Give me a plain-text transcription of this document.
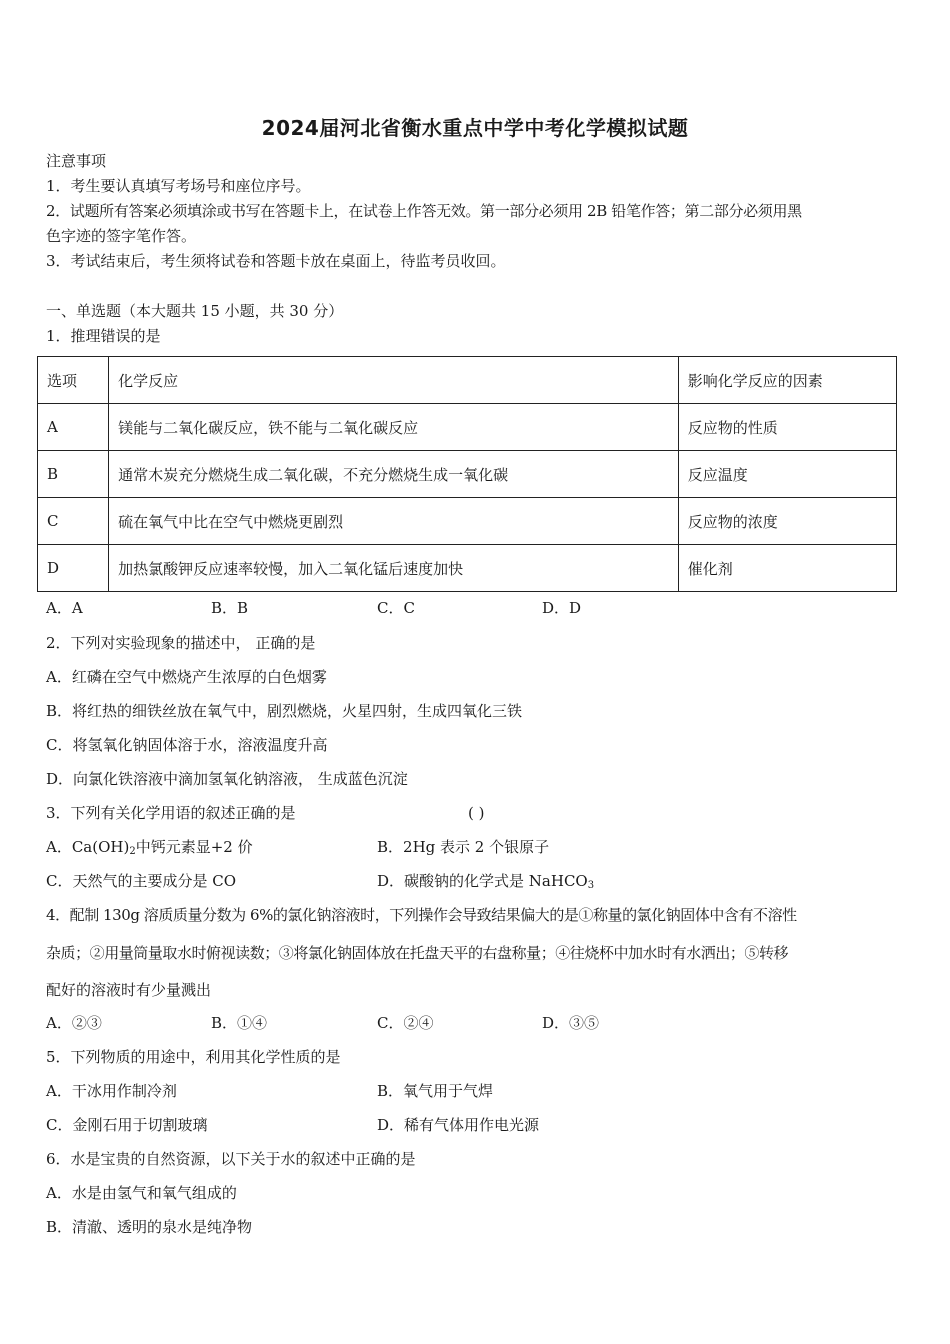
2024届河北省衡水重点中学中考化学模拟试题
注意事项
1．考生要认真填写考场号和座位序号。
2．试题所有答案必须填涂或书写在答题卡上，在试卷上作答无效。第一部分必须用 2B 铅笔作答；第二部分必须用黑
色字迹的签字笔作答。
3．考试结束后，考生须将试卷和答题卡放在桌面上，待监考员收回。
一、单选题（本大题共 15 小题，共 30 分）
1．推理错误的是
选项	化学反应	影响化学反应的因素
A	镁能与二氧化碳反应，铁不能与二氧化碳反应	反应物的性质
B	通常木炭充分燃烧生成二氧化碳，不充分燃烧生成一氧化碳	反应温度
C	硫在氧气中比在空气中燃烧更剧烈	反应物的浓度
D	加热氯酸钾反应速率较慢，加入二氧化锰后速度加快	催化剂
A．A	B．B	C．C	D．D
2．下列对实验现象的描述中， 正确的是
A．红磷在空气中燃烧产生浓厚的白色烟雾
B．将红热的细铁丝放在氧气中，剧烈燃烧，火星四射，生成四氧化三铁
C．将氢氧化钠固体溶于水，溶液温度升高
D．向氯化铁溶液中滴加氢氧化钠溶液， 生成蓝色沉淀
3．下列有关化学用语的叙述正确的是	( )
A．$Ca(OH)_2$中钙元素显+2 价	B．2Hg 表示 2 个银原子
C．天然气的主要成分是 CO	D．碳酸钠的化学式是 NaHCO$_3$
4．配制 130g 溶质质量分数为 6%的氯化钠溶液时，下列操作会导致结果偏大的是①称量的氯化钠固体中含有不溶性
杂质；②用量筒量取水时俯视读数；③将氯化钠固体放在托盘天平的右盘称量；④往烧杯中加水时有水洒出；⑤转移
配好的溶液时有少量溅出
A．②③	B．①④	C．②④	D．③⑤
5．下列物质的用途中，利用其化学性质的是
A．干冰用作制冷剂	B．氧气用于气焊
C．金刚石用于切割玻璃	D．稀有气体用作电光源
6．水是宝贵的自然资源，以下关于水的叙述中正确的是
A．水是由氢气和氧气组成的
B．清澈、透明的泉水是纯净物
